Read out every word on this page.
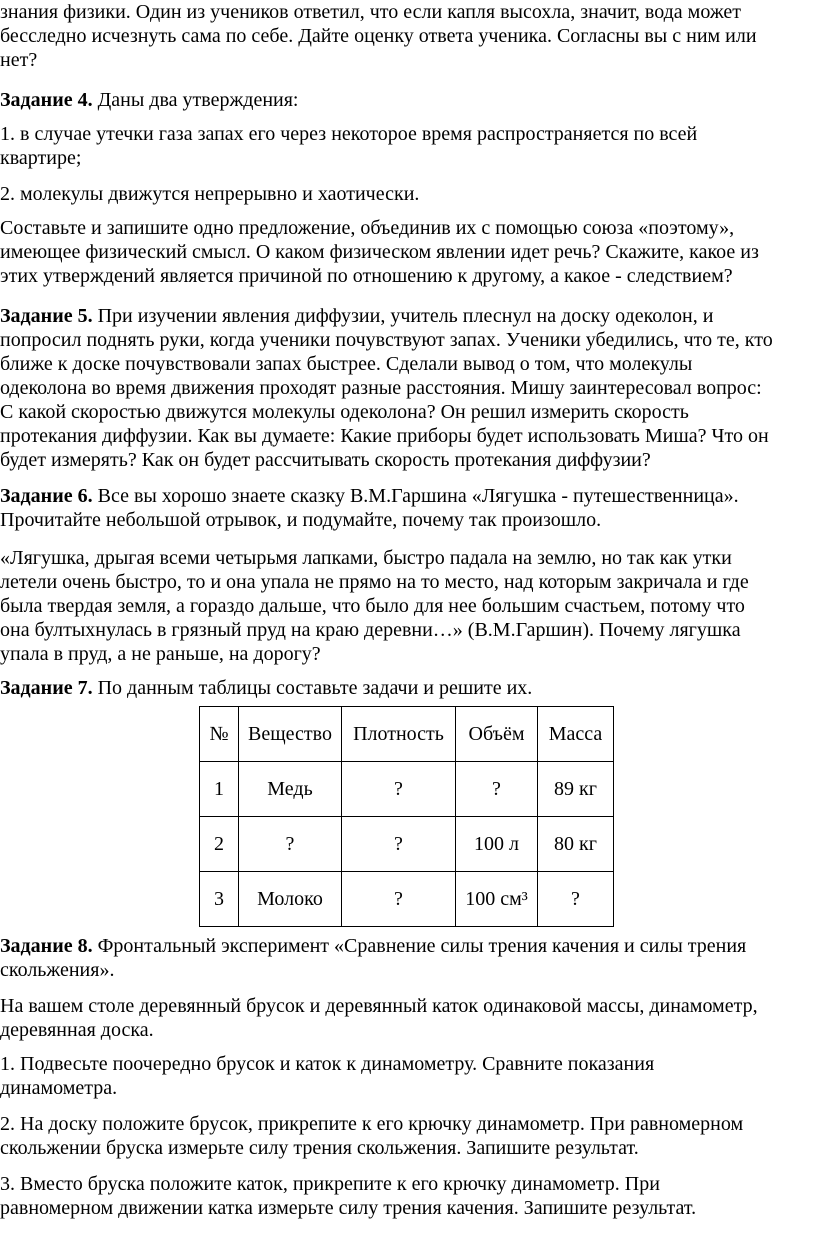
знания физики. Один из учеников ответил, что если капля высохла, значит, вода может
бесследно исчезнуть сама по себе. Дайте оценку ответа ученика. Согласны вы с ним или
нет?
Задание 4. Даны два утверждения:
1. в случае утечки газа запах его через некоторое время распространяется по всей
квартире;
2. молекулы движутся непрерывно и хаотически.
Составьте и запишите одно предложение, объединив их с помощью союза «поэтому»,
имеющее физический смысл. О каком физическом явлении идет речь? Скажите, какое из
этих утверждений является причиной по отношению к другому, а какое - следствием?
Задание 5. При изучении явления диффузии, учитель плеснул на доску одеколон, и
попросил поднять руки, когда ученики почувствуют запах. Ученики убедились, что те, кто
ближе к доске почувствовали запах быстрее. Сделали вывод о том, что молекулы
одеколона во время движения проходят разные расстояния. Мишу заинтересовал вопрос:
С какой скоростью движутся молекулы одеколона? Он решил измерить скорость
протекания диффузии. Как вы думаете: Какие приборы будет использовать Миша? Что он
будет измерять? Как он будет рассчитывать скорость протекания диффузии?
Задание 6. Все вы хорошо знаете сказку В.М.Гаршина «Лягушка - путешественница».
Прочитайте небольшой отрывок, и подумайте, почему так произошло.
«Лягушка, дрыгая всеми четырьмя лапками, быстро падала на землю, но так как утки
летели очень быстро, то и она упала не прямо на то место, над которым закричала и где
была твердая земля, а гораздо дальше, что было для нее большим счастьем, потому что
она бултыхнулась в грязный пруд на краю деревни…» (В.М.Гаршин). Почему лягушка
упала в пруд, а не раньше, на дорогу?
Задание 7. По данным таблицы составьте задачи и решите их.
№	Вещество	Плотность	Объём	Масса
1	Медь	?	?	89 кг
2	?	?	100 л	80 кг
3	Молоко	?	100 см³	?
Задание 8. Фронтальный эксперимент «Сравнение силы трения качения и силы трения
скольжения».
На вашем столе деревянный брусок и деревянный каток одинаковой массы, динамометр,
деревянная доска.
1. Подвесьте поочередно брусок и каток к динамометру. Сравните показания
динамометра.
2. На доску положите брусок, прикрепите к его крючку динамометр. При равномерном
скольжении бруска измерьте силу трения скольжения. Запишите результат.
3. Вместо бруска положите каток, прикрепите к его крючку динамометр. При
равномерном движении катка измерьте силу трения качения. Запишите результат.
